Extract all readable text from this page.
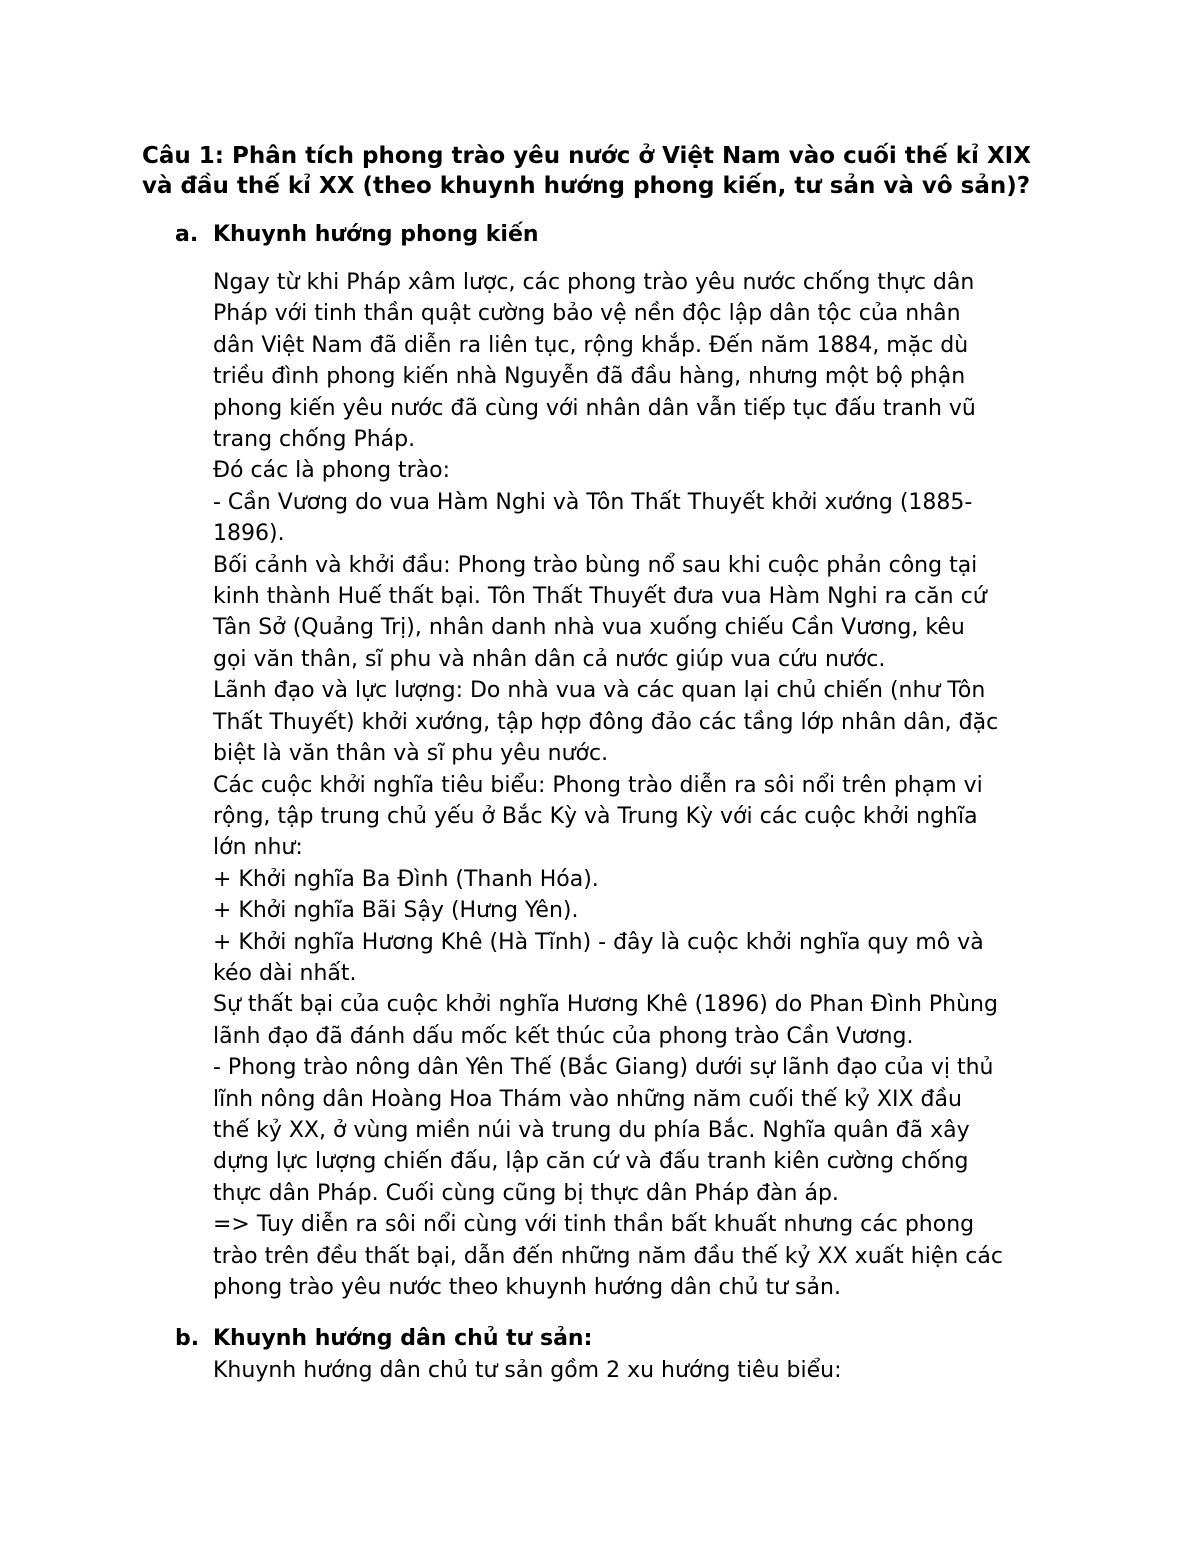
Câu 1: Phân tích phong trào yêu nước ở Việt Nam vào cuối thế kỉ XIX
và đầu thế kỉ XX (theo khuynh hướng phong kiến, tư sản và vô sản)?
a. Khuynh hướng phong kiến
Ngay từ khi Pháp xâm lược, các phong trào yêu nước chống thực dân
Pháp với tinh thần quật cường bảo vệ nền độc lập dân tộc của nhân
dân Việt Nam đã diễn ra liên tục, rộng khắp. Đến năm 1884, mặc dù
triều đình phong kiến nhà Nguyễn đã đầu hàng, nhưng một bộ phận
phong kiến yêu nước đã cùng với nhân dân vẫn tiếp tục đấu tranh vũ
trang chống Pháp.
Đó các là phong trào:
- Cần Vương do vua Hàm Nghi và Tôn Thất Thuyết khởi xướng (1885-
1896).
Bối cảnh và khởi đầu: Phong trào bùng nổ sau khi cuộc phản công tại
kinh thành Huế thất bại. Tôn Thất Thuyết đưa vua Hàm Nghi ra căn cứ
Tân Sở (Quảng Trị), nhân danh nhà vua xuống chiếu Cần Vương, kêu
gọi văn thân, sĩ phu và nhân dân cả nước giúp vua cứu nước.
Lãnh đạo và lực lượng: Do nhà vua và các quan lại chủ chiến (như Tôn
Thất Thuyết) khởi xướng, tập hợp đông đảo các tầng lớp nhân dân, đặc
biệt là văn thân và sĩ phu yêu nước.
Các cuộc khởi nghĩa tiêu biểu: Phong trào diễn ra sôi nổi trên phạm vi
rộng, tập trung chủ yếu ở Bắc Kỳ và Trung Kỳ với các cuộc khởi nghĩa
lớn như:
+ Khởi nghĩa Ba Đình (Thanh Hóa).
+ Khởi nghĩa Bãi Sậy (Hưng Yên).
+ Khởi nghĩa Hương Khê (Hà Tĩnh) - đây là cuộc khởi nghĩa quy mô và
kéo dài nhất.
Sự thất bại của cuộc khởi nghĩa Hương Khê (1896) do Phan Đình Phùng
lãnh đạo đã đánh dấu mốc kết thúc của phong trào Cần Vương.
- Phong trào nông dân Yên Thế (Bắc Giang) dưới sự lãnh đạo của vị thủ
lĩnh nông dân Hoàng Hoa Thám vào những năm cuối thế kỷ XIX đầu
thế kỷ XX, ở vùng miền núi và trung du phía Bắc. Nghĩa quân đã xây
dựng lực lượng chiến đấu, lập căn cứ và đấu tranh kiên cường chống
thực dân Pháp. Cuối cùng cũng bị thực dân Pháp đàn áp.
=> Tuy diễn ra sôi nổi cùng với tinh thần bất khuất nhưng các phong
trào trên đều thất bại, dẫn đến những năm đầu thế kỷ XX xuất hiện các
phong trào yêu nước theo khuynh hướng dân chủ tư sản.
b. Khuynh hướng dân chủ tư sản:
Khuynh hướng dân chủ tư sản gồm 2 xu hướng tiêu biểu:
